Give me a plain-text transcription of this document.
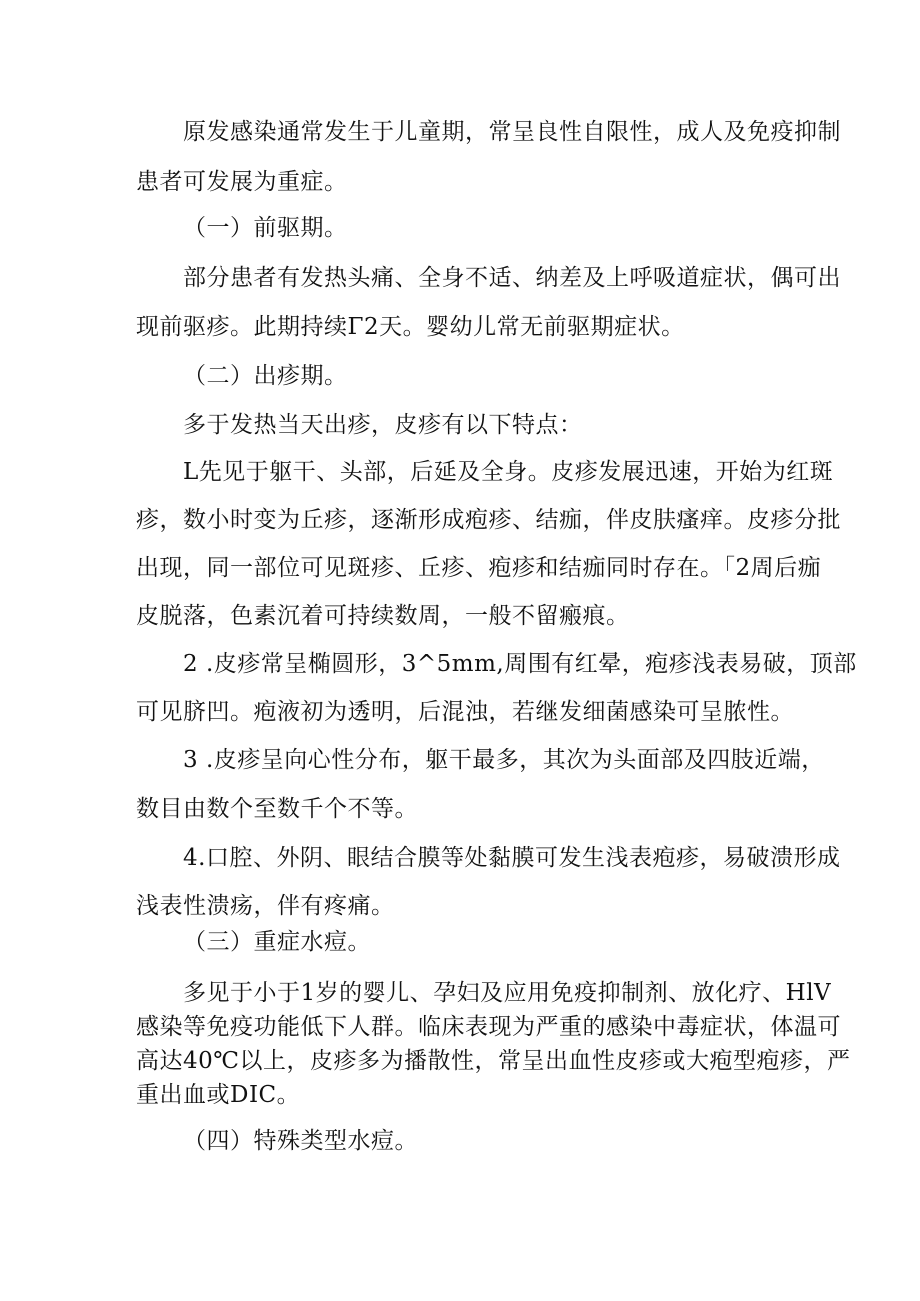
原发感染通常发生于儿童期，常呈良性自限性，成人及免疫抑制
患者可发展为重症。
（一）前驱期。
部分患者有发热头痛、全身不适、纳差及上呼吸道症状，偶可出
现前驱疹。此期持续Γ2天。婴幼儿常无前驱期症状。
（二）出疹期。
多于发热当天出疹，皮疹有以下特点：
L先见于躯干、头部，后延及全身。皮疹发展迅速，开始为红斑
疹，数小时变为丘疹，逐渐形成疱疹、结痂，伴皮肤瘙痒。皮疹分批
出现，同一部位可见斑疹、丘疹、疱疹和结痂同时存在。「2周后痂
皮脱落，色素沉着可持续数周，一般不留瘢痕。
2 .皮疹常呈椭圆形，3^5mm,周围有红晕，疱疹浅表易破，顶部
可见脐凹。疱液初为透明，后混浊，若继发细菌感染可呈脓性。
3 .皮疹呈向心性分布，躯干最多，其次为头面部及四肢近端，
数目由数个至数千个不等。
4.口腔、外阴、眼结合膜等处黏膜可发生浅表疱疹，易破溃形成
浅表性溃疡，伴有疼痛。
（三）重症水痘。
多见于小于1岁的婴儿、孕妇及应用免疫抑制剂、放化疗、HlV
感染等免疫功能低下人群。临床表现为严重的感染中毒症状，体温可
高达40℃以上，皮疹多为播散性，常呈出血性皮疹或大疱型疱疹，严
重出血或DIC。
（四）特殊类型水痘。
